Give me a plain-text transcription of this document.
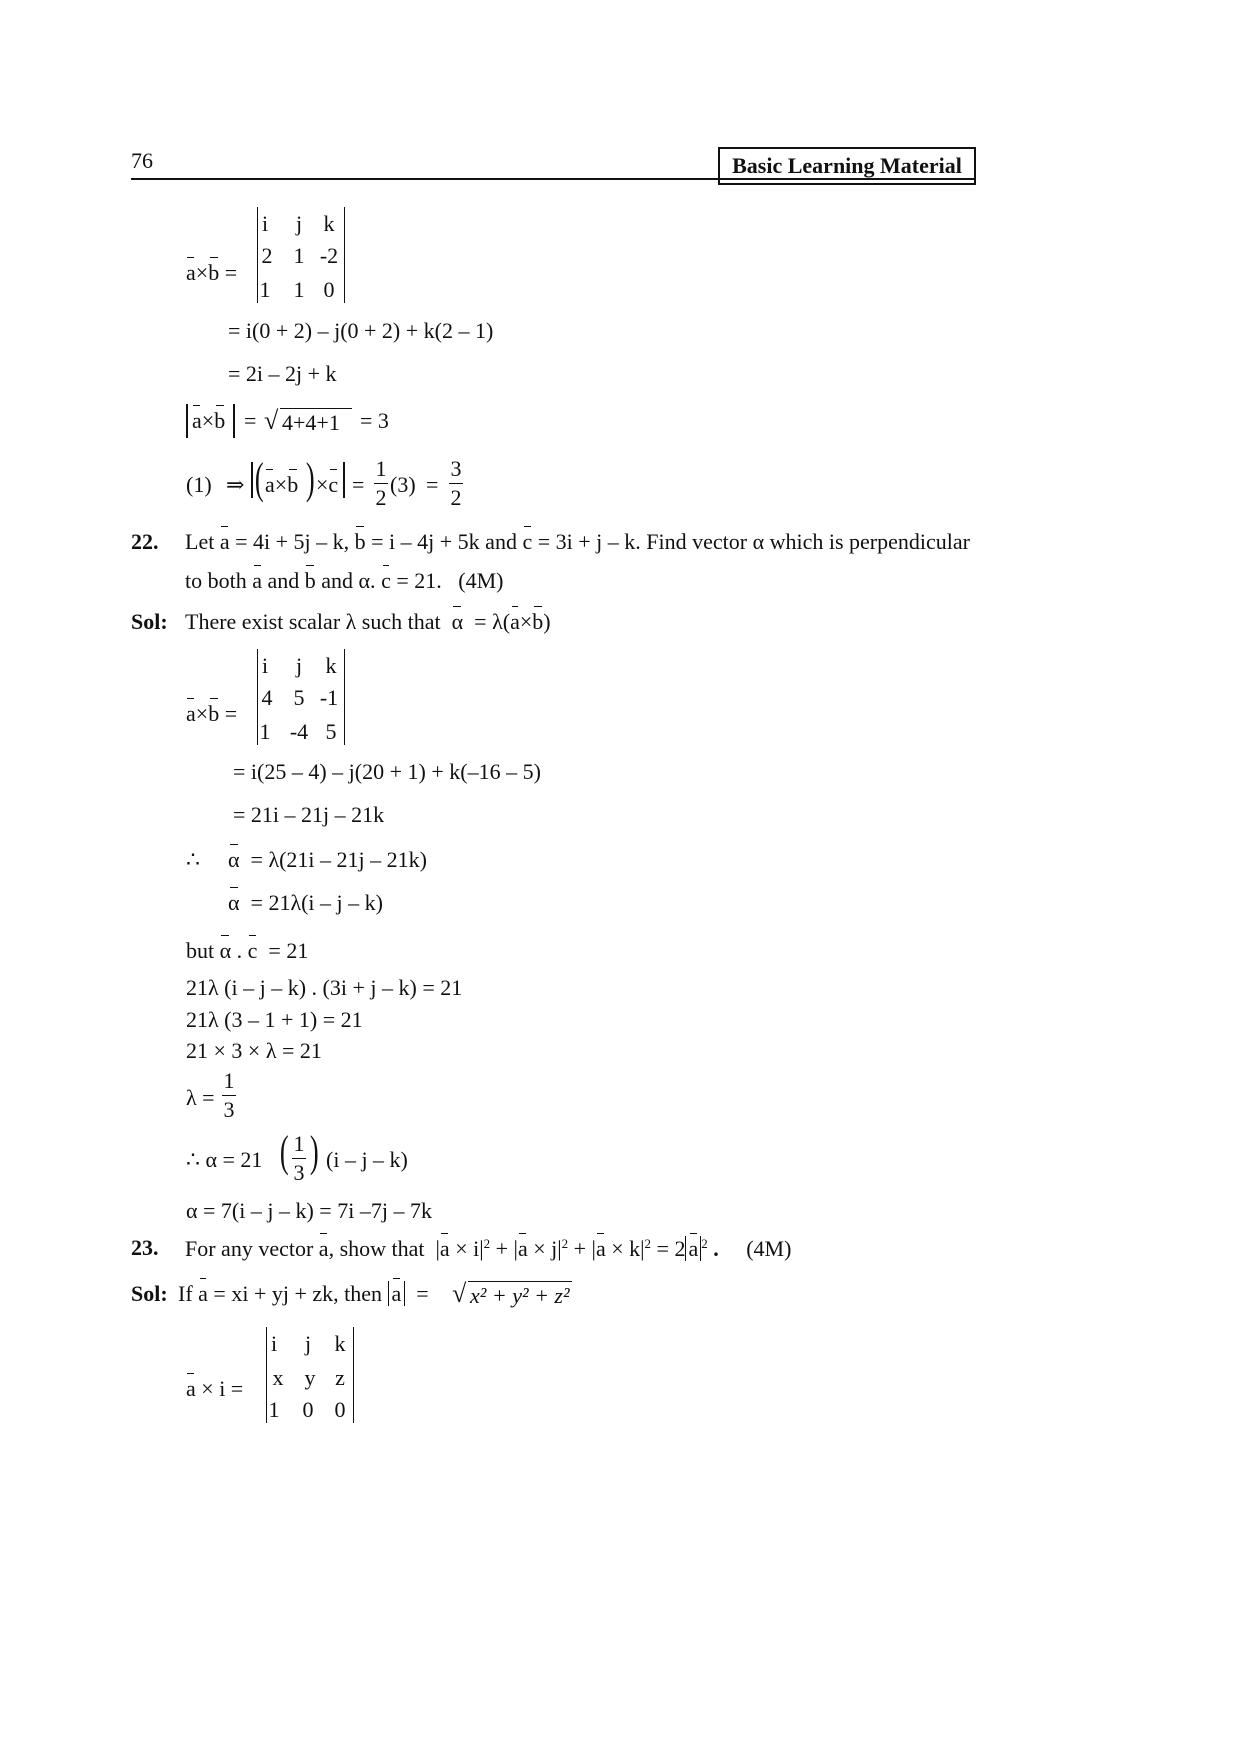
76	Basic Learning Material
a×b =
i	j k
2 1 -2
1	1 0
= i(0 + 2) – j(0 + 2) + k(2 – 1)
= 2i – 2j + k
a×b = √ 4+4+1 = 3
(1) ⇒ ( a×b ) ×c =
1
2
(3) =
3
2
22. Let a = 4i + 5j – k, b = i – 4j + 5k and c = 3i + j – k. Find vector α which is perpendicular
to both a and b and α. c = 21. (4M)
Sol: There exist scalar λ such that α = λ(a×b)
a×b =
i	j	k
4 5 -1
1 -4 5
= i(25 – 4) – j(20 + 1) + k(–16 – 5)
= 21i – 21j – 21k
∴ α = λ(21i – 21j – 21k)
α = 21λ(i – j – k)
but α . c = 21
21λ (i – j – k) . (3i + j – k) = 21
21λ (3 – 1 + 1) = 21
21 × 3 × λ = 21
λ =
1
3
∴ α = 21 ( 1
3 ) (i – j – k)
α = 7(i – j – k) = 7i –7j – 7k
23. For any vector a, show that $|a \times i|^2 + |a \times j|^2 + |a \times k|^2 = 2$ a $^2$ . (4M)
Sol: If a = xi + yj + zk, then a = √ x² + y² + z²
a × i =
i	j	k
x y z
1	0 0
